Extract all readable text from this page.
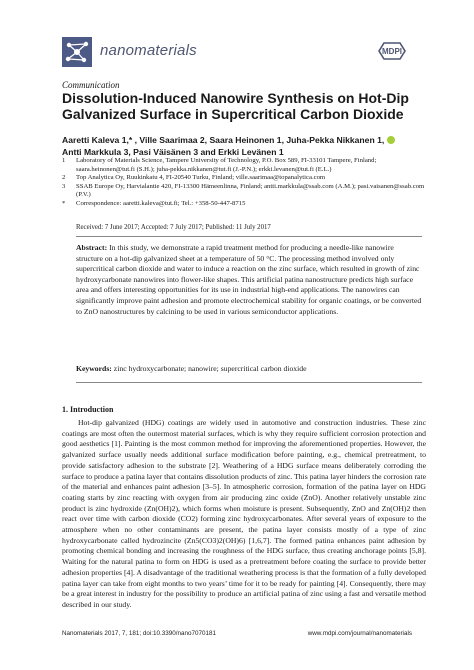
nanomaterials	MDPI
Communication
Dissolution-Induced Nanowire Synthesis on Hot-Dip Galvanized Surface in Supercritical Carbon Dioxide
Aaretti Kaleva 1,* , Ville Saarimaa 2, Saara Heinonen 1, Juha-Pekka Nikkanen 1,
Antti Markkula 3, Pasi Väisänen 3 and Erkki Levänen 1
1 Laboratory of Materials Science, Tampere University of Technology, P.O. Box 589, FI-33101 Tampere, Finland; saara.heinonen@tut.fi (S.H.); juha-pekka.nikkanen@tut.fi (J.-P.N.); erkki.levanen@tut.fi (E.L.)
2 Top Analytica Oy, Ruukinkatu 4, FI-20540 Turku, Finland; ville.saarimaa@topanalytica.com
3 SSAB Europe Oy, Harvialantie 420, FI-13300 Hämeenlinna, Finland; antti.markkula@ssab.com (A.M.); pasi.vaisanen@ssab.com (P.V.)
* Correspondence: aaretti.kaleva@tut.fi; Tel.: +358-50-447-8715
Received: 7 June 2017; Accepted: 7 July 2017; Published: 11 July 2017
Abstract: In this study, we demonstrate a rapid treatment method for producing a needle-like nanowire structure on a hot-dip galvanized sheet at a temperature of 50 °C. The processing method involved only supercritical carbon dioxide and water to induce a reaction on the zinc surface, which resulted in growth of zinc hydroxycarbonate nanowires into flower-like shapes. This artificial patina nanostructure predicts high surface area and offers interesting opportunities for its use in industrial high-end applications. The nanowires can significantly improve paint adhesion and promote electrochemical stability for organic coatings, or be converted to ZnO nanostructures by calcining to be used in various semiconductor applications.
Keywords: zinc hydroxycarbonate; nanowire; supercritical carbon dioxide
1. Introduction
Hot-dip galvanized (HDG) coatings are widely used in automotive and construction industries. These zinc coatings are most often the outermost material surfaces, which is why they require sufficient corrosion protection and good aesthetics [1]. Painting is the most common method for improving the aforementioned properties. However, the galvanized surface usually needs additional surface modification before painting, e.g., chemical pretreatment, to provide satisfactory adhesion to the substrate [2]. Weathering of a HDG surface means deliberately corroding the surface to produce a patina layer that contains dissolution products of zinc. This patina layer hinders the corrosion rate of the material and enhances paint adhesion [3–5]. In atmospheric corrosion, formation of the patina layer on HDG coating starts by zinc reacting with oxygen from air producing zinc oxide (ZnO). Another relatively unstable zinc product is zinc hydroxide (Zn(OH)2), which forms when moisture is present. Subsequently, ZnO and Zn(OH)2 then react over time with carbon dioxide (CO2) forming zinc hydroxycarbonates. After several years of exposure to the atmosphere when no other contaminants are present, the patina layer consists mostly of a type of zinc hydroxycarbonate called hydrozincite (Zn5(CO3)2(OH)6) [1,6,7]. The formed patina enhances paint adhesion by promoting chemical bonding and increasing the roughness of the HDG surface, thus creating anchorage points [5,8]. Waiting for the natural patina to form on HDG is used as a pretreatment before coating the surface to provide better adhesion properties [4]. A disadvantage of the traditional weathering process is that the formation of a fully developed patina layer can take from eight months to two years’ time for it to be ready for painting [4]. Consequently, there may be a great interest in industry for the possibility to produce an artificial patina of zinc using a fast and versatile method described in our study.
Nanomaterials 2017, 7, 181; doi:10.3390/nano7070181	www.mdpi.com/journal/nanomaterials
